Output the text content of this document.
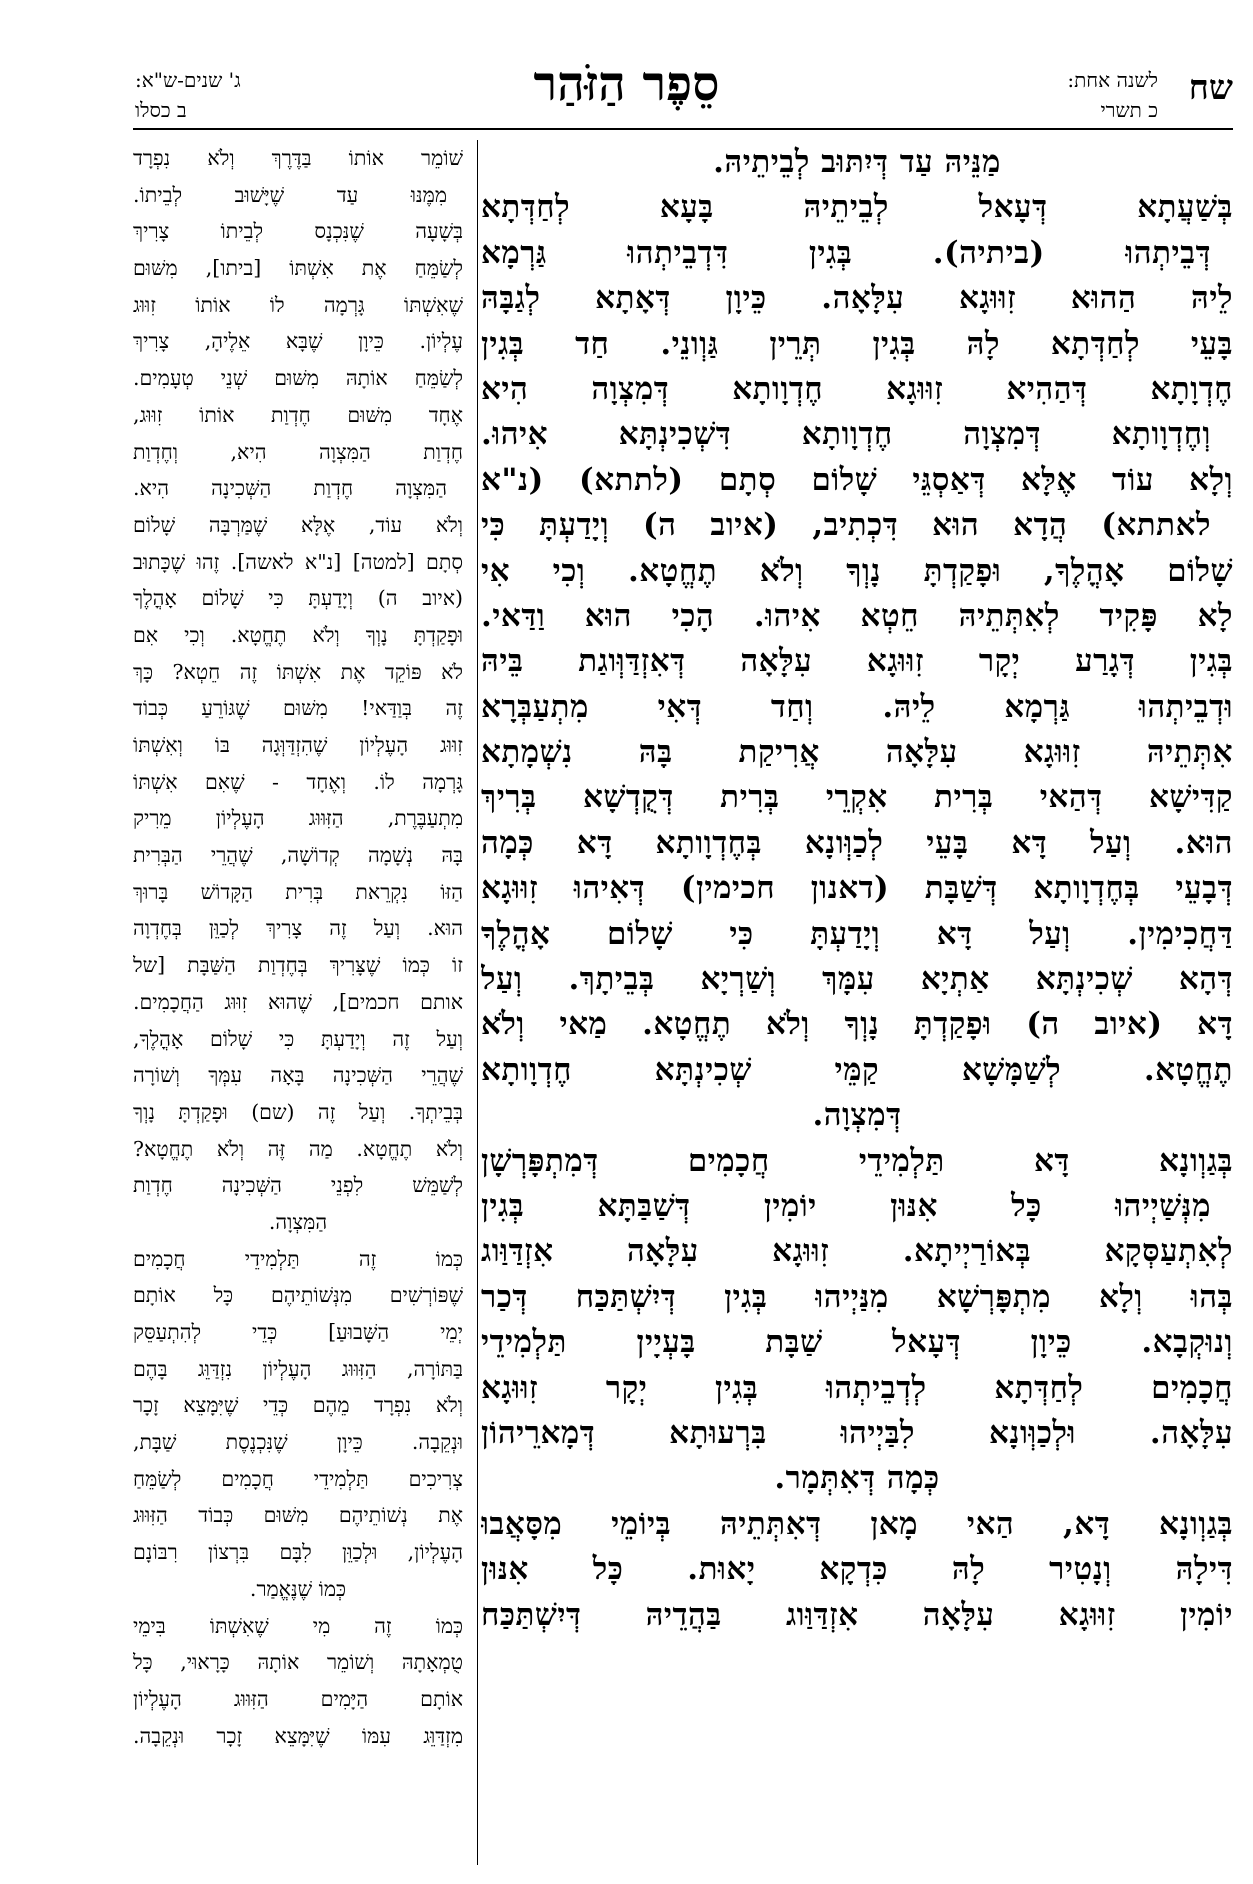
שח
לשנה אחת:
כ תשרי
סֵפֶר הַזֹּהַר
ג' שנים-ש"א:
ב כסלו
מַנֵּיהּ עַד דְּיִתּוּב לְבֵיתֵיהּ.
בְּשַׁעֲתָא דְּעָאל לְבֵיתֵיהּ בָּעָא לְחַדְּתָא
דְּבֵיתְהוּ (ביתיה). בְּגִין דִּדְבֵיתְהוּ גַּרְמָא
לֵיהּ הַהוּא זִוּוּגָא עִלָּאָה. כֵּיוָן דְּאָתָא לְגַבָּהּ
בָּעֵי לְחַדְּתָא לָהּ בְּגִין תְּרֵין גַּוְונֵי. חַד בְּגִין
חֶדְוָתָא דְּהַהִיא זִוּוּגָא חֶדְוָותָא דְּמִצְוָה הִיא
וְחֶדְוָותָא דְּמִצְוָה חֶדְוָותָא דִּשְׁכִינְתָּא אִיהוּ.
וְלָא עוֹד אֶלָּא דְּאַסְגֵּי שָׁלוֹם סְתָם (לתתא) (נ"א
לאתתא) הֲדָא הוּא דִּכְתִיב, (איוב ה) וְיָדַעְתָּ כִּי
שָׁלוֹם אָהֳלֶךָ, וּפָקַדְתָּ נָוְךָ וְלֹא תֶחֱטָא. וְכִי אִי
לָא פָּקִיד לְאִתְּתֵיהּ חֵטְא אִיהוּ. הָכִי הוּא וַדַּאי.
בְּגִין דְּגָרַע יְקָר זִוּוּגָא עִלָּאָה דְּאִזְדַּוְּוגַת בֵּיהּ
וּדְבֵיתְהוּ גַּרְמָא לֵיהּ. וְחַד דְּאִי מִתְעַבְּרָא
אִתְּתֵיהּ זִוּוּגָא עִלָּאָה אֲרִיקַת בָּהּ נִשְׁמָתָא
קַדִּישָׁא דְּהַאי בְּרִית אִקְרֵי בְּרִית דְּקֻדְשָׁא בְּרִיךְ
הוּא. וְעַל דָּא בָּעֵי לְכַוְּונָא בְּחֶדְוָותָא דָּא כְּמָה
דְּבָעֵי בְּחֶדְוָותָא דְּשַׁבָּת (דאנון חכימין) דְּאִיהוּ זִוּוּגָא
דַּחֲכִימִין. וְעַל דָּא וְיָדַעְתָּ כִּי שָׁלוֹם אָהֳלֶךָ
דְּהָא שְׁכִינְתָּא אַתְיָא עִמָּךְ וְשַׁרְיָא בְּבֵיתָךְ. וְעַל
דָּא (איוב ה) וּפָקַדְתָּ נָוְךָ וְלֹא תֶחֱטָא. מַאי וְלֹא
תֶחֱטָא. לְשַׁמָּשָׁא קַמֵּי שְׁכִינְתָּא חֶדְוָותָא
דְּמִצְוָה.
בְּגַוְונָא דָּא תַּלְמִידֵי חֲכָמִים דְּמִתְפָּרְשָׁן
מִנְּשַׁיְיהוּ כָּל אִנּוּן יוֹמִין דְּשַׁבַּתָּא בְּגִין
לְאִתְעַסְּקָא בְּאוֹרַיְיתָא. זִוּוּגָא עִלָּאָה אִזְדַּוַּוג
בְּהוּ וְלָא מִתְפָּרְשָׁא מִנַּיְיהוּ בְּגִין דְּיִשְׁתַּכַּח דְּכַר
וְנוּקְבָא. כֵּיוָן דְּעָאל שַׁבָּת בָּעְיָין תַּלְמִידֵי
חֲכָמִים לְחַדְּתָא לְדְבֵיתְהוּ בְּגִין יְקָר זִוּוּגָא
עִלָּאָה. וּלְכַוְּונָא לִבַּיְיהוּ בִּרְעוּתָא דְּמָארֵיהוֹן
כְּמָה דְּאִתְּמָר.
בְּגַוְונָא דָּא, הַאי מָאן דְּאִתְּתֵיהּ בְּיוֹמֵי מִסָּאֲבוּ
דִּילָהּ וְנָטִיר לָהּ כִּדְקָא יָאוּת. כָּל אִנּוּן
יוֹמִין זִוּוּגָא עִלָּאָה אִזְדַּוַּוג בַּהֲדֵיהּ דְּיִשְׁתַּכַּח
שׁוֹמֵר אוֹתוֹ בַּדֶּרֶךְ וְלֹא נִפְרָד
מִמֶּנּוּ עַד שֶׁיָּשׁוּב לְבֵיתוֹ.
בְּשָׁעָה שֶׁנִּכְנָס לְבֵיתוֹ צָרִיךְ
לְשַׂמֵּחַ אֶת אִשְׁתּוֹ [ביתו], מִשּׁוּם
שֶׁאִשְׁתּוֹ גָּרְמָה לוֹ אוֹתוֹ זִוּוּג
עֶלְיוֹן. כֵּיוָן שֶׁבָּא אֵלֶיהָ, צָרִיךְ
לְשַׂמֵּחַ אוֹתָהּ מִשּׁוּם שְׁנֵי טְעָמִים.
אֶחָד מִשּׁוּם חֶדְוַת אוֹתוֹ זִוּוּג,
חֶדְוַת הַמִּצְוָה הִיא, וְחֶדְוַת
הַמִּצְוָה חֶדְוַת הַשְּׁכִינָה הִיא.
וְלֹא עוֹד, אֶלָּא שֶׁמַּרְבָּה שָׁלוֹם
סְתָם [למטה] [נ"א לאשה]. זֶהוּ שֶׁכָּתוּב
(איוב ה) וְיָדַעְתָּ כִּי שָׁלוֹם אָהֳלֶךָ
וּפָקַדְתָּ נָוְךָ וְלֹא תֶחֱטָא. וְכִי אִם
לֹא פּוֹקֵד אֶת אִשְׁתּוֹ זֶה חֵטְא? כָּךְ
זֶה בְּוַדַּאי! מִשּׁוּם שֶׁגּוֹרֵעַ כְּבוֹד
זִוּוּג הָעֶלְיוֹן שֶׁהִזְדַּוְּגָה בּוֹ וְאִשְׁתּוֹ
גָּרְמָה לוֹ. וְאֶחָד - שֶׁאִם אִשְׁתּוֹ
מִתְעַבֶּרֶת, הַזִּוּוּג הָעֶלְיוֹן מֵרִיק
בָּהּ נְשָׁמָה קְדוֹשָׁה, שֶׁהֲרֵי הַבְּרִית
הַזּוֹ נִקְרֵאת בְּרִית הַקָּדוֹשׁ בָּרוּךְ
הוּא. וְעַל זֶה צָרִיךְ לְכַוֵּן בְּחֶדְוָה
זוֹ כְּמוֹ שֶׁצָּרִיךְ בְּחֶדְוַת הַשַּׁבָּת [של
אותם חכמים], שֶׁהוּא זִוּוּג הַחֲכָמִים.
וְעַל זֶה וְיָדַעְתָּ כִּי שָׁלוֹם אָהֳלֶךָ,
שֶׁהֲרֵי הַשְּׁכִינָה בָּאָה עִמְּךָ וְשׁוֹרָה
בְּבֵיתְךָ. וְעַל זֶה (שם) וּפָקַדְתָּ נָוְךָ
וְלֹא תֶחֱטָא. מַה זֶּה וְלֹא תֶחֱטָא?
לְשַׁמֵּשׁ לִפְנֵי הַשְּׁכִינָה חֶדְוַת
הַמִּצְוָה.
כְּמוֹ זֶה תַּלְמִידֵי חֲכָמִים
שֶׁפּוֹרְשִׁים מִנְּשׁוֹתֵיהֶם כָּל אוֹתָם
יְמֵי הַשָּׁבוּעַ] כְּדֵי לְהִתְעַסֵּק
בַּתּוֹרָה, הַזִּוּוּג הָעֶלְיוֹן נִזְדַּוֵּג בָּהֶם
וְלֹא נִפְרָד מֵהֶם כְּדֵי שֶׁיִּמָּצֵא זָכָר
וּנְקֵבָה. כֵּיוָן שֶׁנִּכְנֶסֶת שַׁבָּת,
צְרִיכִים תַּלְמִידֵי חֲכָמִים לְשַׂמֵּחַ
אֶת נְשׁוֹתֵיהֶם מִשּׁוּם כְּבוֹד הַזִּוּוּג
הָעֶלְיוֹן, וּלְכַוֵּן לִבָּם בִּרְצוֹן רִבּוֹנָם
כְּמוֹ שֶׁנֶּאֱמַר.
כְּמוֹ זֶה מִי שֶׁאִשְׁתּוֹ בִּימֵי
טֻמְאָתָהּ וְשׁוֹמֵר אוֹתָהּ כָּרָאוּי, כָּל
אוֹתָם הַיָּמִים הַזִּוּוּג הָעֶלְיוֹן
מִזְדַּוֵּג עִמּוֹ שֶׁיִּמָּצֵא זָכָר וּנְקֵבָה.
